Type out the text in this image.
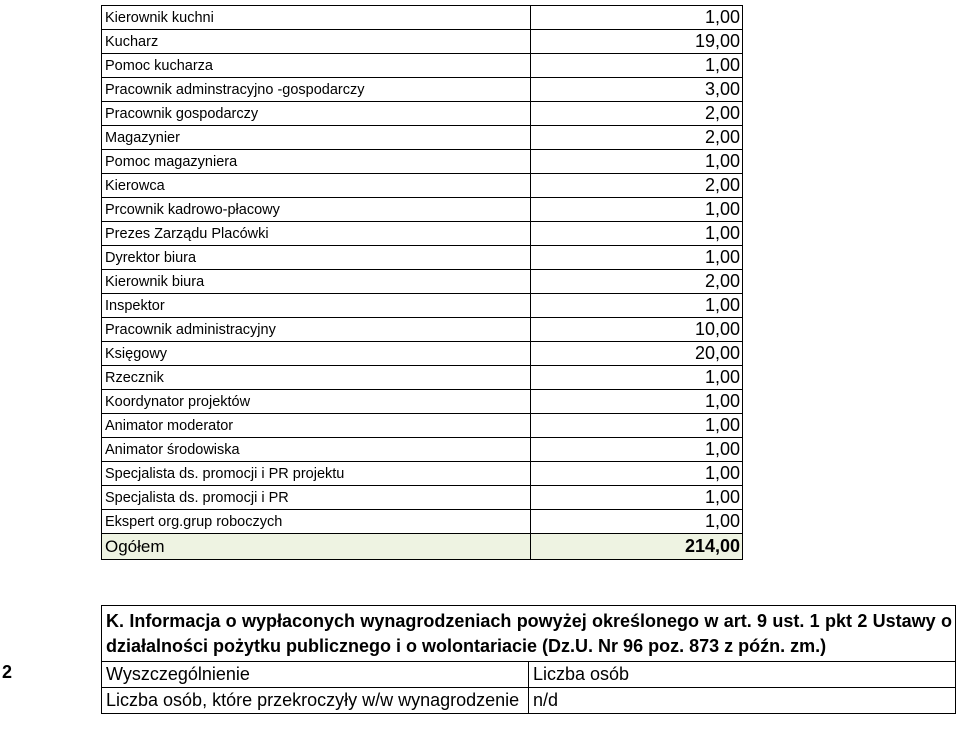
Kierownik kuchni	1,00
Kucharz	19,00
Pomoc kucharza	1,00
Pracownik adminstracyjno -gospodarczy	3,00
Pracownik gospodarczy	2,00
Magazynier	2,00
Pomoc magazyniera	1,00
Kierowca	2,00
Prcownik kadrowo-płacowy	1,00
Prezes Zarządu Placówki	1,00
Dyrektor biura	1,00
Kierownik biura	2,00
Inspektor	1,00
Pracownik administracyjny	10,00
Księgowy	20,00
Rzecznik	1,00
Koordynator projektów	1,00
Animator moderator	1,00
Animator środowiska	1,00
Specjalista ds. promocji i PR projektu	1,00
Specjalista ds. promocji i PR	1,00
Ekspert org.grup roboczych	1,00
Ogółem	214,00
2
K. Informacja o wypłaconych wynagrodzeniach powyżej określonego w art. 9 ust. 1 pkt 2 Ustawy o działalności pożytku publicznego i o wolontariacie (Dz.U. Nr 96 poz. 873 z późn. zm.)	
Wyszczególnienie	Liczba osób
Liczba osób, które przekroczyły w/w wynagrodzenie	n/d
